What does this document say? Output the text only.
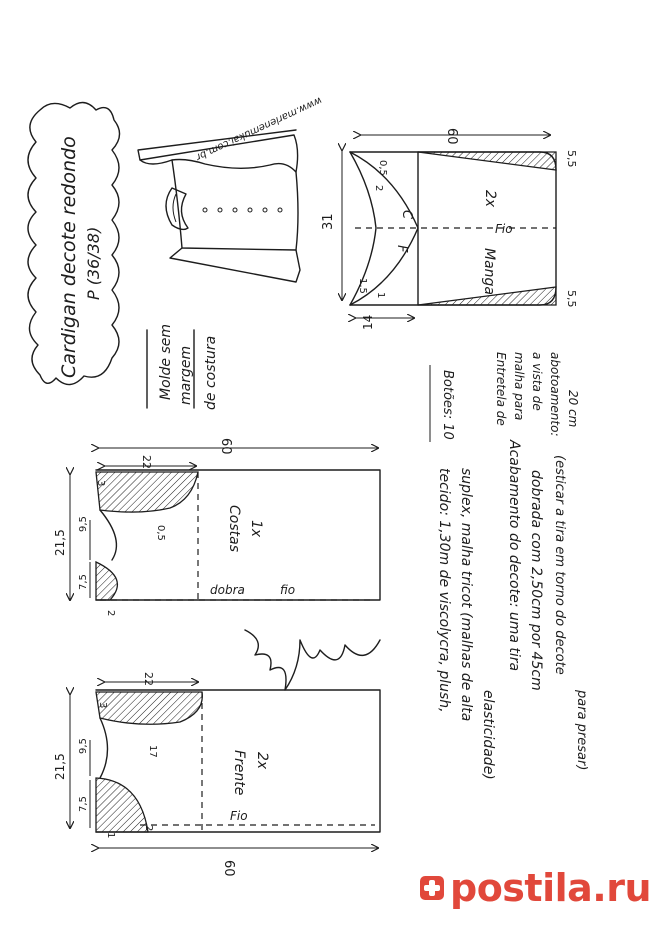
Cardigan decote redondo P (36/38)
www.marlenemukai.com.br
Molde sem margem de costura
Fio
2x
Manga
C
F
60
31
14
5,5
5,5
2
0,5
1
1,5
dobra	fio
Costas 1x
60
22
21,5
9,5
7,5
3
2
0,5
Fio
Frente 2x
60
22
21,5
9,5
7,5
3
17
1
2
Marlene Mukai
Botões: 10	Entretela de malha para a vista de abotoamento: 20 cm
tecido: 1,30m de viscolycra, plush, suplex, malha tricot (malhas de alta
elasticidade)
Acabamento do decote: uma tira dobrada com 2,50cm por 45cm (esticar a tira em torno do decote
para presar)
postila.ru
